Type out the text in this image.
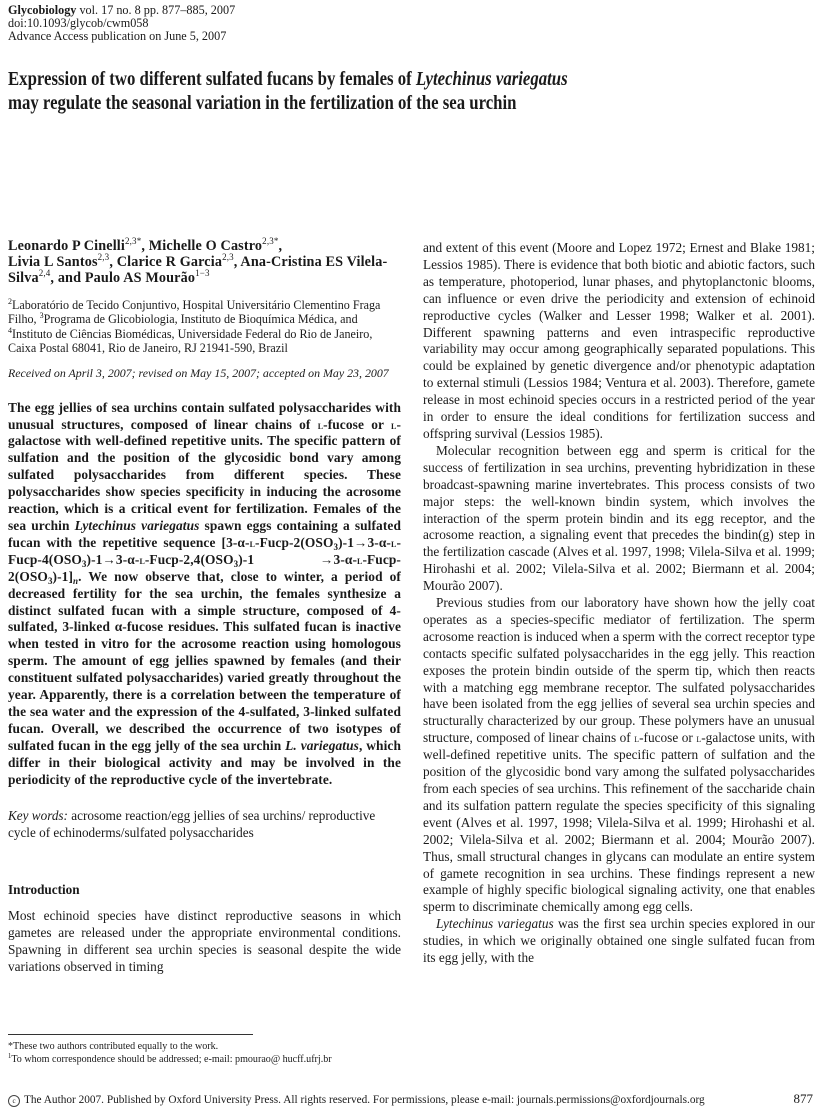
Glycobiology vol. 17 no. 8 pp. 877–885, 2007
doi:10.1093/glycob/cwm058
Advance Access publication on June 5, 2007
Expression of two different sulfated fucans by females of Lytechinus variegatus
may regulate the seasonal variation in the fertilization of the sea urchin
Leonardo P Cinelli$^{2,3*}$, Michelle O Castro$^{2,3*}$,
Livia L Santos$^{2,3}$, Clarice R Garcia$^{2,3}$, Ana-Cristina ES Vilela-Silva$^{2,4}$, and Paulo AS Mourão$^{1-3}$
$^2$Laboratório de Tecido Conjuntivo, Hospital Universitário Clementino Fraga Filho, $^3$Programa de Glicobiologia, Instituto de Bioquímica Médica, and
$^4$Instituto de Ciências Biomédicas, Universidade Federal do Rio de Janeiro, Caixa Postal 68041, Rio de Janeiro, RJ 21941-590, Brazil
Received on April 3, 2007; revised on May 15, 2007; accepted on May 23, 2007
The egg jellies of sea urchins contain sulfated polysaccharides with unusual structures, composed of linear chains of l-fucose or l-galactose with well-defined repetitive units. The specific pattern of sulfation and the position of the glycosidic bond vary among sulfated polysaccharides from different species. These polysaccharides show species specificity in inducing the acrosome reaction, which is a critical event for fertilization. Females of the sea urchin Lytechinus variegatus spawn eggs containing a sulfated fucan with the repetitive sequence [$3-\alpha-l-Fucp-2(OSO_3)-1\to 3-\alpha-l-Fucp-4(OSO_3)-1\to 3-\alpha-l-Fucp-2,4(OSO_3)-1$ $\to 3-\alpha-l-Fucp-2(OSO_3)-1]_n$. We now observe that, close to winter, a period of decreased fertility for the sea urchin, the females synthesize a distinct sulfated fucan with a simple structure, composed of 4-sulfated, 3-linked α-fucose residues. This sulfated fucan is inactive when tested in vitro for the acrosome reaction using homologous sperm. The amount of egg jellies spawned by females (and their constituent sulfated polysaccharides) varied greatly throughout the year. Apparently, there is a correlation between the temperature of the sea water and the expression of the 4-sulfated, 3-linked sulfated fucan. Overall, we described the occurrence of two isotypes of sulfated fucan in the egg jelly of the sea urchin L. variegatus, which differ in their biological activity and may be involved in the periodicity of the reproductive cycle of the invertebrate.
Key words: acrosome reaction/egg jellies of sea urchins/ reproductive cycle of echinoderms/sulfated polysaccharides
Introduction
Most echinoid species have distinct reproductive seasons in which gametes are released under the appropriate environmental conditions. Spawning in different sea urchin species is seasonal despite the wide variations observed in timing

and extent of this event (Moore and Lopez 1972; Ernest and Blake 1981; Lessios 1985). There is evidence that both biotic and abiotic factors, such as temperature, photoperiod, lunar phases, and phytoplanctonic blooms, can influence or even drive the periodicity and extension of echinoid reproductive cycles (Walker and Lesser 1998; Walker et al. 2001). Different spawning patterns and even intraspecific reproductive variability may occur among geographically separated populations. This could be explained by genetic divergence and/or phenotypic adaptation to external stimuli (Lessios 1984; Ventura et al. 2003). Therefore, gamete release in most echinoid species occurs in a restricted period of the year in order to ensure the ideal conditions for fertilization success and offspring survival (Lessios 1985).

Molecular recognition between egg and sperm is critical for the success of fertilization in sea urchins, preventing hybridization in these broadcast-spawning marine invertebrates. This process consists of two major steps: the well-known bindin system, which involves the interaction of the sperm protein bindin and its egg receptor, and the acrosome reaction, a signaling event that precedes the bindin(g) step in the fertilization cascade (Alves et al. 1997, 1998; Vilela-Silva et al. 1999; Hirohashi et al. 2002; Vilela-Silva et al. 2002; Biermann et al. 2004; Mourão 2007).

Previous studies from our laboratory have shown how the jelly coat operates as a species-specific mediator of fertilization. The sperm acrosome reaction is induced when a sperm with the correct receptor type contacts specific sulfated polysaccharides in the egg jelly. This reaction exposes the protein bindin outside of the sperm tip, which then reacts with a matching egg membrane receptor. The sulfated polysaccharides have been isolated from the egg jellies of several sea urchin species and structurally characterized by our group. These polymers have an unusual structure, composed of linear chains of l-fucose or l-galactose units, with well-defined repetitive units. The specific pattern of sulfation and the position of the glycosidic bond vary among the sulfated polysaccharides from each species of sea urchins. This refinement of the saccharide chain and its sulfation pattern regulate the species specificity of this signaling event (Alves et al. 1997, 1998; Vilela-Silva et al. 1999; Hirohashi et al. 2002; Vilela-Silva et al. 2002; Biermann et al. 2004; Mourão 2007). Thus, small structural changes in glycans can modulate an entire system of gamete recognition in sea urchins. These findings represent a new example of highly specific biological signaling activity, one that enables sperm to discriminate chemically among egg cells.

Lytechinus variegatus was the first sea urchin species explored in our studies, in which we originally obtained one single sulfated fucan from its egg jelly, with the

*These two authors contributed equally to the work.
$^1$To whom correspondence should be addressed; e-mail: pmourao@ hucff.ufrj.br
c The Author 2007. Published by Oxford University Press. All rights reserved. For permissions, please e-mail: journals.permissions@oxfordjournals.org	877
